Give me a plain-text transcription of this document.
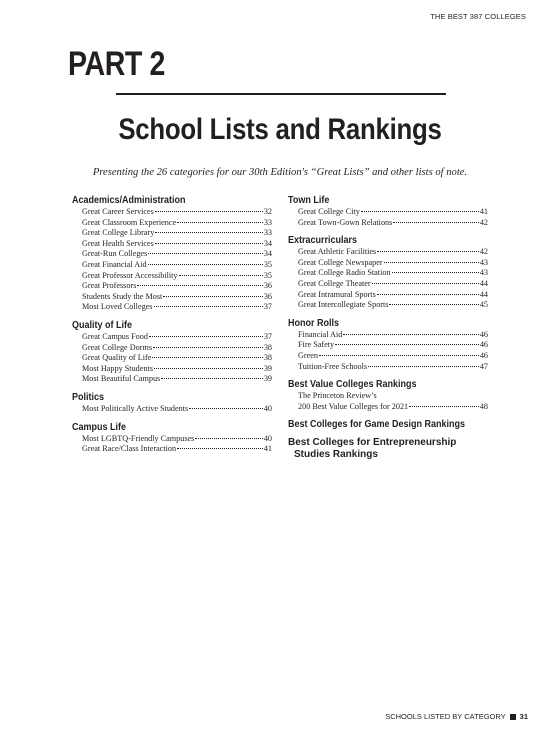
THE BEST 387 COLLEGES
PART 2
School Lists and Rankings
Presenting the 26 categories for our 30th Edition's “Great Lists” and other lists of note.
Academics/Administration
Great Career Services	32
Great Classroom Experience	33
Great College Library	33
Great Health Services	34
Great-Run Colleges	34
Great Financial Aid	35
Great Professor Accessibility	35
Great Professors	36
Students Study the Most	36
Most Loved Colleges	37
Quality of Life
Great Campus Food	37
Great College Dorms	38
Great Quality of Life	38
Most Happy Students	39
Most Beautiful Campus	39
Politics
Most Politically Active Students	40
Campus Life
Most LGBTQ-Friendly Campuses	40
Great Race/Class Interaction	41
Town Life
Great College City	41
Great Town-Gown Relations	42
Extracurriculars
Great Athletic Facilities	42
Great College Newspaper	43
Great College Radio Station	43
Great College Theater	44
Great Intramural Sports	44
Great Intercollegiate Sports	45
Honor Rolls
Financial Aid	46
Fire Safety	46
Green	46
Tuition-Free Schools	47
Best Value Colleges Rankings
The Princeton Review’s
200 Best Value Colleges for 2021	48
Best Colleges for Game Design Rankings
Best Colleges for Entrepreneurship
Studies Rankings
SCHOOLS LISTED BY CATEGORY 31
